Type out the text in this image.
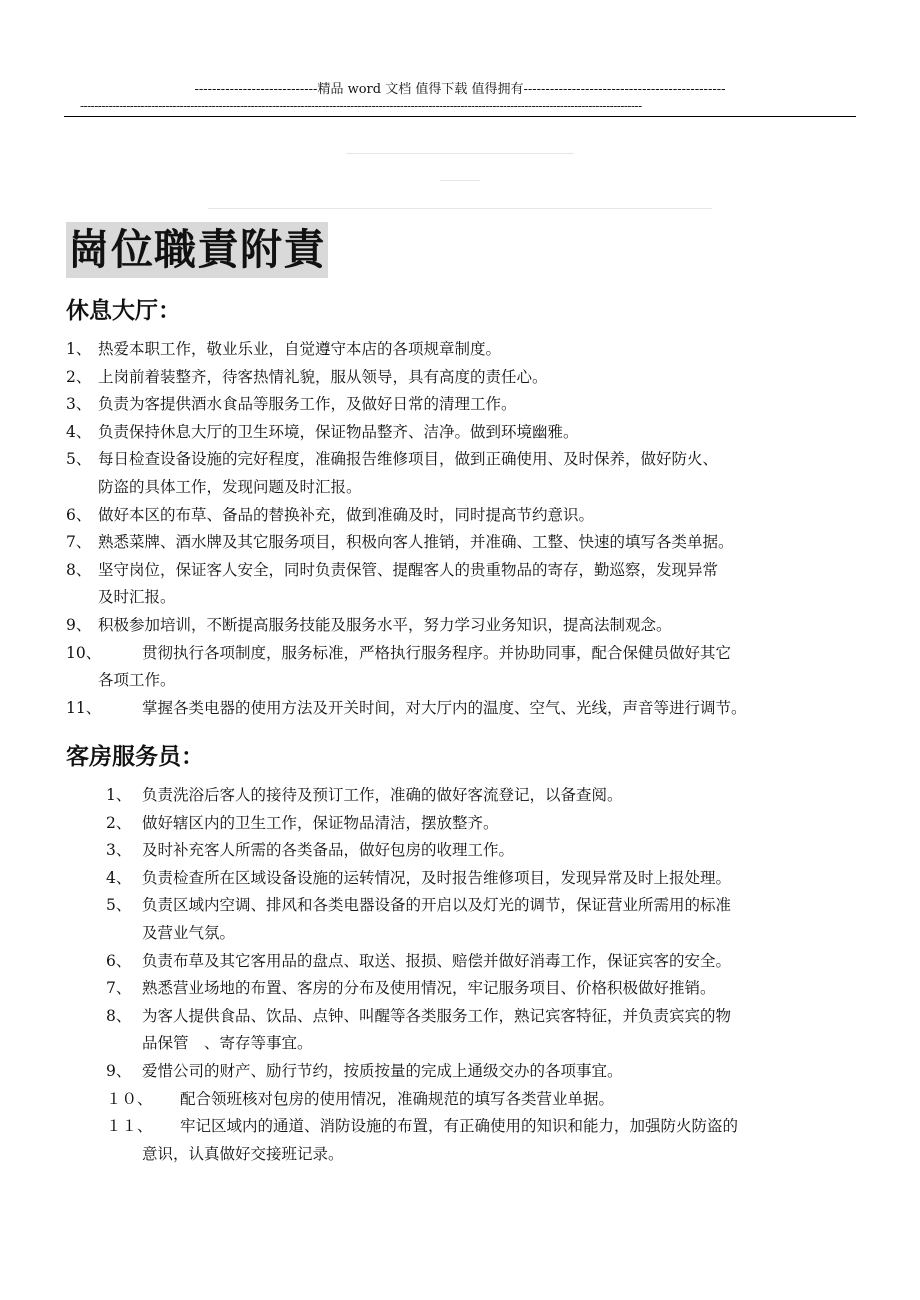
----------------------------精品 word 文档 值得下载 值得拥有----------------------------------------------
--------------------------------------------------------------------------------------------------------------------------------------------------------------
崗位職責附責
休息大厅：
1、 热爱本职工作，敬业乐业，自觉遵守本店的各项规章制度。
2、 上岗前着装整齐，待客热情礼貌，服从领导，具有高度的责任心。
3、 负责为客提供酒水食品等服务工作，及做好日常的清理工作。
4、 负责保持休息大厅的卫生环境，保证物品整齐、洁净。做到环境幽雅。
5、 每日检查设备设施的完好程度，准确报告维修项目，做到正确使用、及时保养，做好防火、
防盗的具体工作，发现问题及时汇报。
6、 做好本区的布草、备品的替换补充，做到准确及时，同时提高节约意识。
7、 熟悉菜牌、酒水牌及其它服务项目，积极向客人推销，并准确、工整、快速的填写各类单据。
8、 坚守岗位，保证客人安全，同时负责保管、提醒客人的贵重物品的寄存，勤巡察，发现异常
及时汇报。
9、 积极参加培训，不断提高服务技能及服务水平，努力学习业务知识，提高法制观念。
10、	贯彻执行各项制度，服务标准，严格执行服务程序。并协助同事，配合保健员做好其它
各项工作。
11、	掌握各类电器的使用方法及开关时间，对大厅内的温度、空气、光线，声音等进行调节。
客房服务员：
1、 负责洗浴后客人的接待及预订工作，准确的做好客流登记，以备查阅。
2、 做好辖区内的卫生工作，保证物品清洁，摆放整齐。
3、 及时补充客人所需的各类备品，做好包房的收理工作。
4、 负责检查所在区域设备设施的运转情况，及时报告维修项目，发现异常及时上报处理。
5、 负责区域内空调、排风和各类电器设备的开启以及灯光的调节，保证营业所需用的标准
及营业气氛。
6、 负责布草及其它客用品的盘点、取送、报损、赔偿并做好消毒工作，保证宾客的安全。
7、 熟悉营业场地的布置、客房的分布及使用情况，牢记服务项目、价格积极做好推销。
8、 为客人提供食品、饮品、点钟、叫醒等各类服务工作，熟记宾客特征，并负责宾宾的物
品保管　、寄存等事宜。
9、 爱惜公司的财产、励行节约，按质按量的完成上通级交办的各项事宜。
１０、	配合领班核对包房的使用情况，准确规范的填写各类营业单据。
１１、	牢记区域内的通道、消防设施的布置，有正确使用的知识和能力，加强防火防盗的
意识，认真做好交接班记录。
